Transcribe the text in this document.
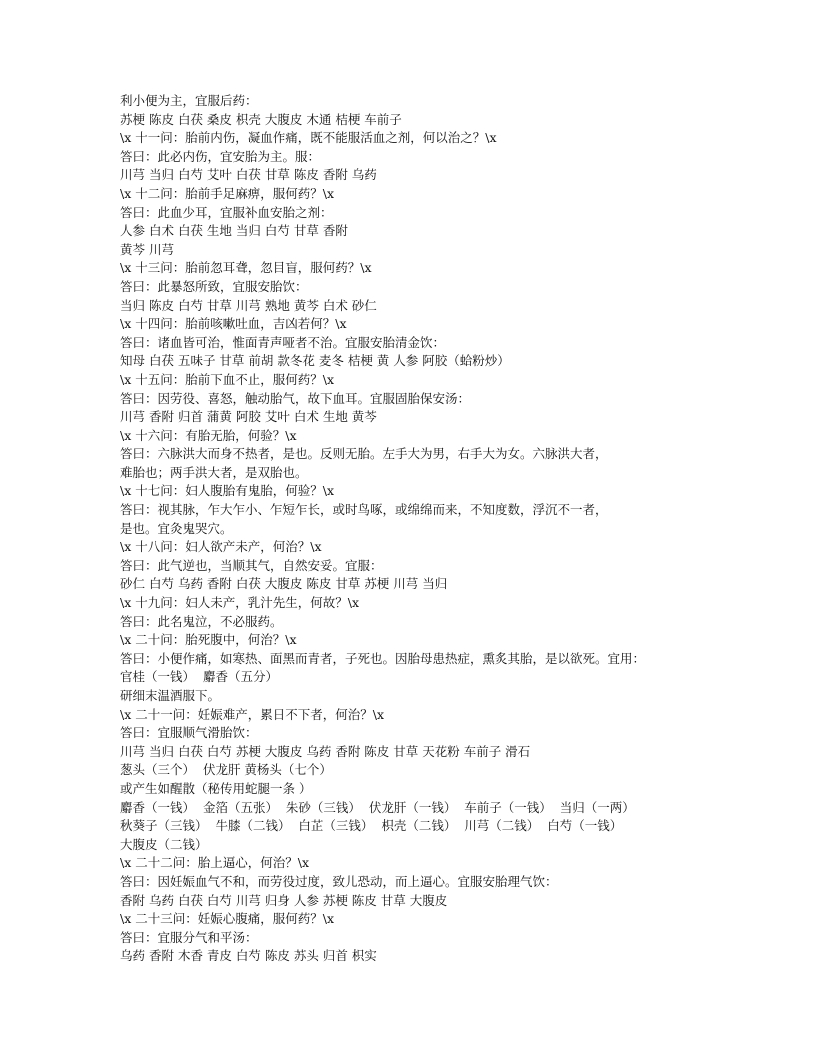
利小便为主，宜服后药：
苏梗 陈皮 白茯 桑皮 枳壳 大腹皮 木通 桔梗 车前子
\x 十一问：胎前内伤，凝血作痛，既不能服活血之剂，何以治之？\x
答曰：此必内伤，宜安胎为主。服：
川芎 当归 白芍 艾叶 白茯 甘草 陈皮 香附 乌药
\x 十二问：胎前手足麻痹，服何药？\x
答曰：此血少耳，宜服补血安胎之剂：
人参 白术 白茯 生地 当归 白芍 甘草 香附
黄芩 川芎
\x 十三问：胎前忽耳聋，忽目盲，服何药？\x
答曰：此暴怒所致，宜服安胎饮：
当归 陈皮 白芍 甘草 川芎 熟地 黄芩 白术 砂仁
\x 十四问：胎前咳嗽吐血，吉凶若何？\x
答曰：诸血皆可治，惟面青声哑者不治。宜服安胎清金饮：
知母 白茯 五味子 甘草 前胡 款冬花 麦冬 桔梗 黄 人参 阿胶（蛤粉炒）
\x 十五问：胎前下血不止，服何药？\x
答曰：因劳役、喜怒，触动胎气，故下血耳。宜服固胎保安汤：
川芎 香附 归首 蒲黄 阿胶 艾叶 白术 生地 黄芩
\x 十六问：有胎无胎，何验？\x
答曰：六脉洪大而身不热者，是也。反则无胎。左手大为男，右手大为女。六脉洪大者，
难胎也；两手洪大者，是双胎也。
\x 十七问：妇人腹胎有鬼胎，何验？\x
答曰：视其脉，乍大乍小、乍短乍长，或时鸟啄，或绵绵而来，不知度数，浮沉不一者，
是也。宜灸鬼哭穴。
\x 十八问：妇人欲产未产，何治？\x
答曰：此气逆也，当顺其气，自然安妥。宜服：
砂仁 白芍 乌药 香附 白茯 大腹皮 陈皮 甘草 苏梗 川芎 当归
\x 十九问：妇人未产，乳汁先生，何故？\x
答曰：此名鬼泣，不必服药。
\x 二十问：胎死腹中，何治？\x
答曰：小便作痛，如寒热、面黑而青者，子死也。因胎母患热症，熏炙其胎，是以欲死。宜用：
官桂（一钱）  麝香（五分）
研细末温酒服下。
\x 二十一问：妊娠难产，累日不下者，何治？\x
答曰：宜服顺气滑胎饮：
川芎 当归 白茯 白芍 苏梗 大腹皮 乌药 香附 陈皮 甘草 天花粉 车前子 滑石
葱头（三个）  伏龙肝 黄杨头（七个）
或产生如醒散（秘传用蛇腿一条 ）
麝香（一钱）  金箔（五张）  朱砂（三钱）  伏龙肝（一钱）  车前子（一钱）  当归（一两）
秋葵子（三钱）  牛膝（二钱）  白芷（三钱）  枳壳（二钱）  川芎（二钱）  白芍（一钱）
大腹皮（二钱）
\x 二十二问：胎上逼心，何治？\x
答曰：因妊娠血气不和，而劳役过度，致儿恐动，而上逼心。宜服安胎理气饮：
香附 乌药 白茯 白芍 川芎 归身 人参 苏梗 陈皮 甘草 大腹皮
\x 二十三问：妊娠心腹痛，服何药？\x
答曰：宜服分气和平汤：
乌药 香附 木香 青皮 白芍 陈皮 苏头 归首 枳实
